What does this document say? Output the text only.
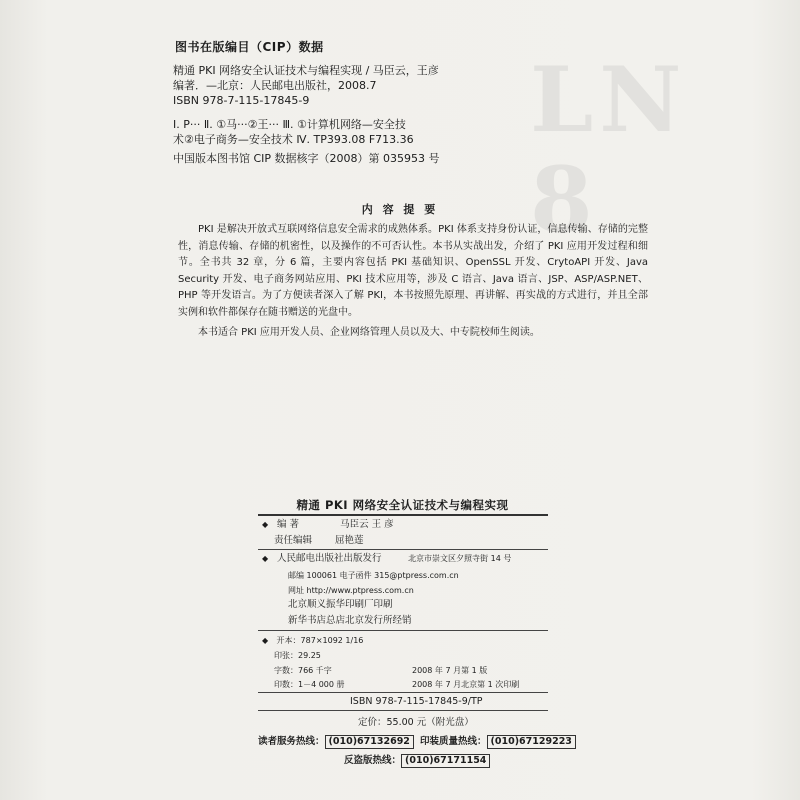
LN
8
图书在版编目（CIP）数据
精通 PKI 网络安全认证技术与编程实现 / 马臣云，王彦
编著．—北京：人民邮电出版社，2008.7
ISBN 978-7-115-17845-9
Ⅰ. P··· Ⅱ. ①马···②王··· Ⅲ. ①计算机网络—安全技
术②电子商务—安全技术 Ⅳ. TP393.08 F713.36
中国版本图书馆 CIP 数据核字（2008）第 035953 号
内 容 提 要

PKI 是解决开放式互联网络信息安全需求的成熟体系。PKI 体系支持身份认证，信息传输、存储的完整性，消息传输、存储的机密性，以及操作的不可否认性。本书从实战出发，介绍了 PKI 应用开发过程和细节。全书共 32 章，分 6 篇，主要内容包括 PKI 基础知识、OpenSSL 开发、CrytoAPI 开发、Java Security 开发、电子商务网站应用、PKI 技术应用等，涉及 C 语言、Java 语言、JSP、ASP/ASP.NET、PHP 等开发语言。为了方便读者深入了解 PKI，本书按照先原理、再讲解、再实战的方式进行，并且全部实例和软件都保存在随书赠送的光盘中。

本书适合 PKI 应用开发人员、企业网络管理人员以及大、中专院校师生阅读。

精通 PKI 网络安全认证技术与编程实现
◆ 编 著	马臣云 王 彦
责任编辑 屈艳莲
◆ 人民邮电出版社出版发行	北京市崇文区夕照寺街 14 号
邮编 100061 电子函件 315@ptpress.com.cn
网址 http://www.ptpress.com.cn
北京顺义振华印刷厂印刷
新华书店总店北京发行所经销
◆ 开本：787×1092 1/16
印张：29.25
字数：766 千字	2008 年 7 月第 1 版
印数：1－4 000 册	2008 年 7 月北京第 1 次印刷
ISBN 978-7-115-17845-9/TP
定价：55.00 元（附光盘）
读者服务热线： (010)67132692	印装质量热线： (010)67129223
反盗版热线： (010)67171154
